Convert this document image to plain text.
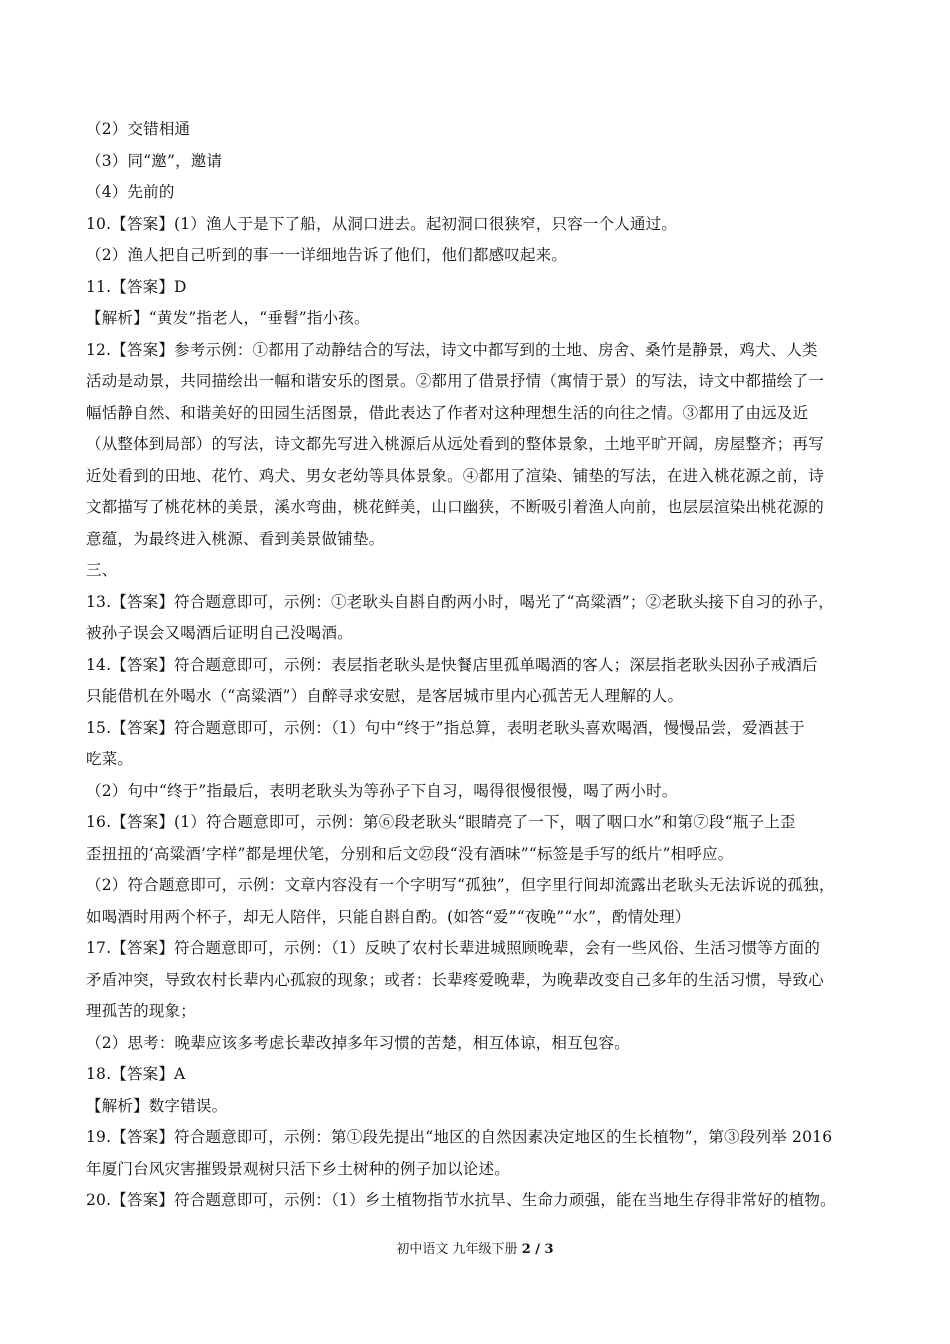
（2）交错相通
（3）同“邀”，邀请
（4）先前的
10.【答案】(1）渔人于是下了船，从洞口进去。起初洞口很狭窄，只容一个人通过。
（2）渔人把自己听到的事一一详细地告诉了他们，他们都感叹起来。
11.【答案】D
【解析】“黄发”指老人，“垂髫”指小孩。
12.【答案】参考示例：①都用了动静结合的写法，诗文中都写到的土地、房舍、桑竹是静景，鸡犬、人类
活动是动景，共同描绘出一幅和谐安乐的图景。②都用了借景抒情（寓情于景）的写法，诗文中都描绘了一
幅恬静自然、和谐美好的田园生活图景，借此表达了作者对这种理想生活的向往之情。③都用了由远及近
（从整体到局部）的写法，诗文都先写进入桃源后从远处看到的整体景象，土地平旷开阔，房屋整齐；再写
近处看到的田地、花竹、鸡犬、男女老幼等具体景象。④都用了渲染、铺垫的写法，在进入桃花源之前，诗
文都描写了桃花林的美景，溪水弯曲，桃花鲜美，山口幽狭，不断吸引着渔人向前，也层层渲染出桃花源的
意蕴，为最终进入桃源、看到美景做铺垫。
三、
13.【答案】符合题意即可，示例：①老耿头自斟自酌两小时，喝光了“高粱酒”；②老耿头接下自习的孙子，
被孙子误会又喝酒后证明自己没喝酒。
14.【答案】符合题意即可，示例：表层指老耿头是快餐店里孤单喝酒的客人；深层指老耿头因孙子戒酒后
只能借机在外喝水（“高粱酒”）自醉寻求安慰，是客居城市里内心孤苦无人理解的人。
15.【答案】符合题意即可，示例：（1）句中“终于”指总算，表明老耿头喜欢喝酒，慢慢品尝，爱酒甚于
吃菜。
（2）句中“终于”指最后，表明老耿头为等孙子下自习，喝得很慢很慢，喝了两小时。
16.【答案】(1）符合题意即可，示例：第⑥段老耿头“眼睛亮了一下，咽了咽口水”和第⑦段“瓶子上歪
歪扭扭的‘高粱酒’字样”都是埋伏笔，分别和后文㉗段“没有酒味”“标签是手写的纸片”相呼应。
（2）符合题意即可，示例：文章内容没有一个字明写“孤独”，但字里行间却流露出老耿头无法诉说的孤独，
如喝酒时用两个杯子，却无人陪伴，只能自斟自酌。(如答“爱”“夜晚”“水”，酌情处理）
17.【答案】符合题意即可，示例：（1）反映了农村长辈进城照顾晚辈，会有一些风俗、生活习惯等方面的
矛盾冲突，导致农村长辈内心孤寂的现象；或者：长辈疼爱晚辈，为晚辈改变自己多年的生活习惯，导致心
理孤苦的现象；
（2）思考：晚辈应该多考虑长辈改掉多年习惯的苦楚，相互体谅，相互包容。
18.【答案】A
【解析】数字错误。
19.【答案】符合题意即可，示例：第①段先提出“地区的自然因素决定地区的生长植物”，第③段列举 2016
年厦门台风灾害摧毁景观树只活下乡土树种的例子加以论述。
20.【答案】符合题意即可，示例：（1）乡土植物指节水抗旱、生命力顽强，能在当地生存得非常好的植物。
初中语文 九年级下册 2 / 3
